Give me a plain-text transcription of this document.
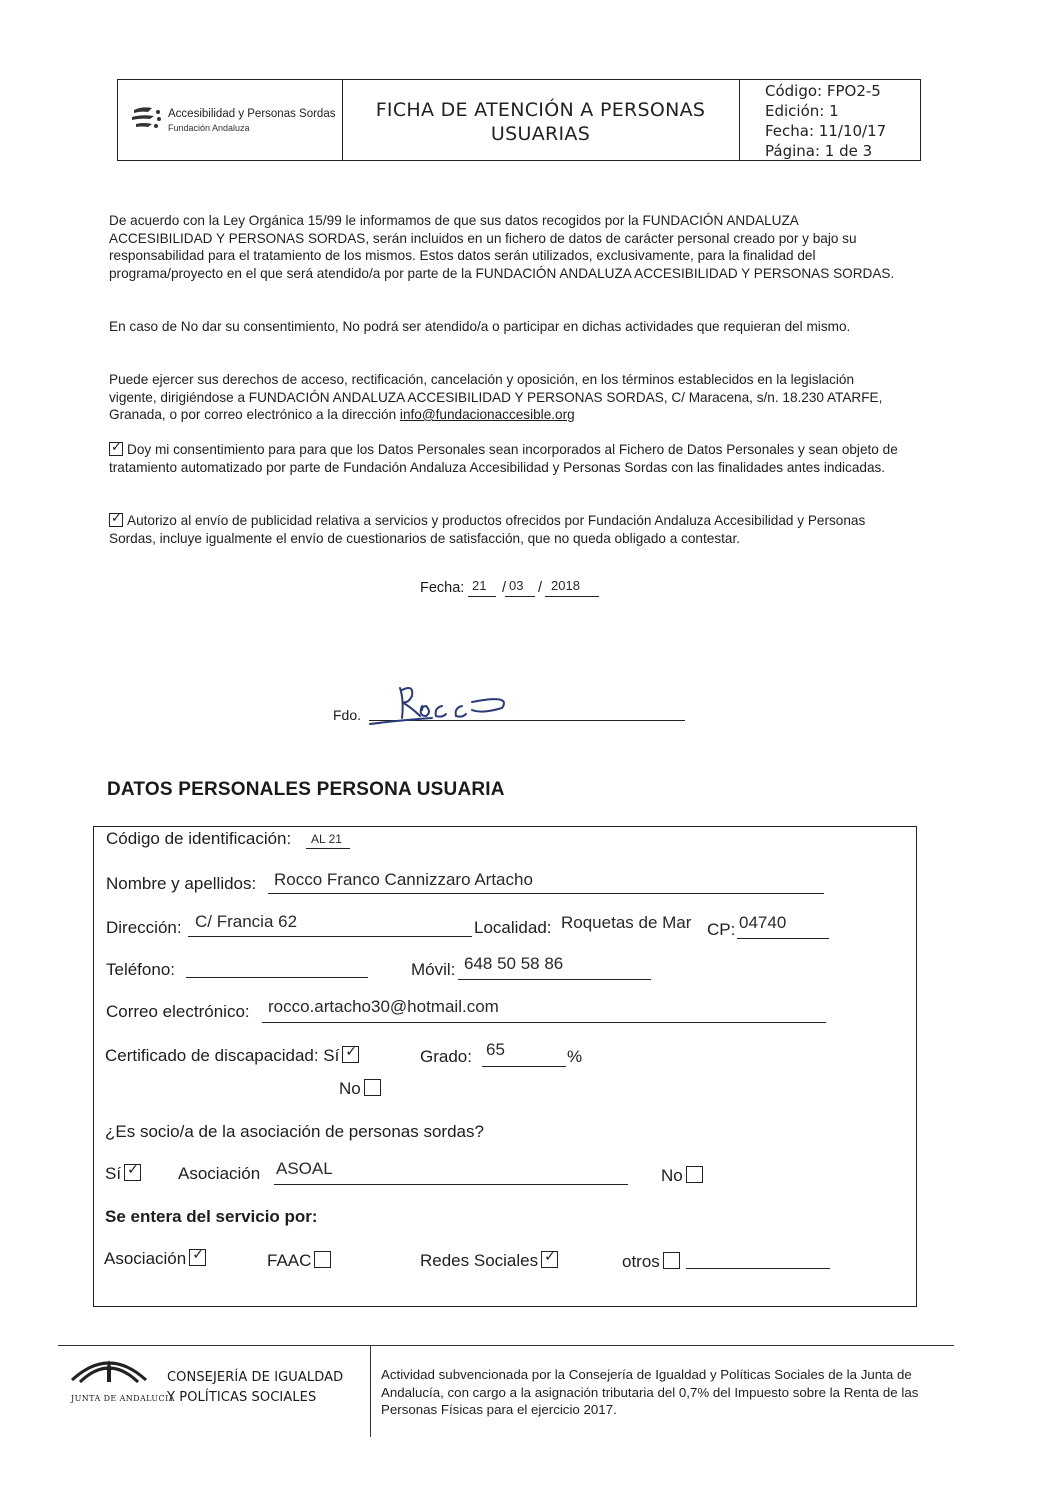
Accesibilidad y Personas Sordas
Fundación Andaluza
FICHA DE ATENCIÓN A PERSONAS USUARIAS
Código: FPO2-5
Edición: 1
Fecha: 11/10/17
Página: 1 de 3
De acuerdo con la Ley Orgánica 15/99 le informamos de que sus datos recogidos por la FUNDACIÓN ANDALUZA ACCESIBILIDAD Y PERSONAS SORDAS, serán incluidos en un fichero de datos de carácter personal creado por y bajo su responsabilidad para el tratamiento de los mismos. Estos datos serán utilizados, exclusivamente, para la finalidad del programa/proyecto en el que será atendido/a por parte de la FUNDACIÓN ANDALUZA ACCESIBILIDAD Y PERSONAS SORDAS.
En caso de No dar su consentimiento, No podrá ser atendido/a o participar en dichas actividades que requieran del mismo.
Puede ejercer sus derechos de acceso, rectificación, cancelación y oposición, en los términos establecidos en la legislación vigente, dirigiéndose a FUNDACIÓN ANDALUZA ACCESIBILIDAD Y PERSONAS SORDAS, C/ Maracena, s/n. 18.230 ATARFE, Granada, o por correo electrónico a la dirección info@fundacionaccesible.org
✓Doy mi consentimiento para para que los Datos Personales sean incorporados al Fichero de Datos Personales y sean objeto de tratamiento automatizado por parte de Fundación Andaluza Accesibilidad y Personas Sordas con las finalidades antes indicadas.
✓Autorizo al envío de publicidad relativa a servicios y productos ofrecidos por Fundación Andaluza Accesibilidad y Personas Sordas, incluye igualmente el envío de cuestionarios de satisfacción, que no queda obligado a contestar.
Fecha: 21 / 03 / 2018
Fdo.
Rocco
DATOS PERSONALES PERSONA USUARIA
Código de identificación: AL 21
Nombre y apellidos: Rocco Franco Cannizzaro Artacho
Dirección: C/ Francia 62	Localidad: Roquetas de Mar CP: 04740
Teléfono:	Móvil: 648 50 58 86
Correo electrónico: rocco.artacho30@hotmail.com
Certificado de discapacidad: Sí ✓	Grado: 65	%
No
¿Es socio/a de la asociación de personas sordas?
Sí ✓	Asociación ASOAL	No
Se entera del servicio por:
Asociación ✓	FAAC	Redes Sociales ✓	otros
JUNTA DE ANDALUCIA
CONSEJERÍA DE IGUALDAD
Y POLÍTICAS SOCIALES
Actividad subvencionada por la Consejería de Igualdad y Políticas Sociales de la Junta de Andalucía, con cargo a la asignación tributaria del 0,7% del Impuesto sobre la Renta de las Personas Físicas para el ejercicio 2017.
